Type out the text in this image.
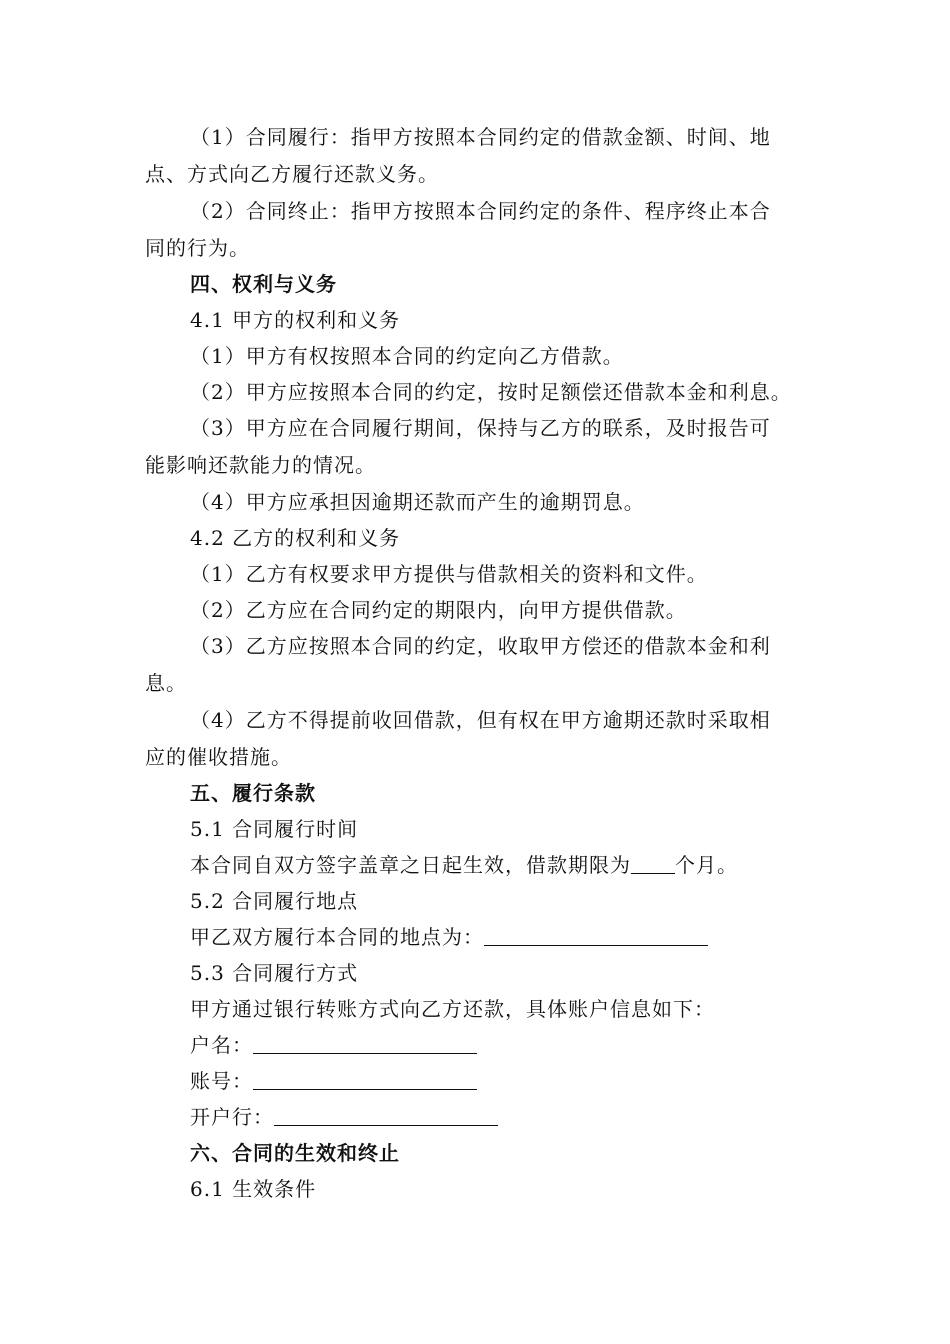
（1）合同履行：指甲方按照本合同约定的借款金额、时间、地
点、方式向乙方履行还款义务。
（2）合同终止：指甲方按照本合同约定的条件、程序终止本合
同的行为。
四、权利与义务
4.1 甲方的权利和义务
（1）甲方有权按照本合同的约定向乙方借款。
（2）甲方应按照本合同的约定，按时足额偿还借款本金和利息。
（3）甲方应在合同履行期间，保持与乙方的联系，及时报告可
能影响还款能力的情况。
（4）甲方应承担因逾期还款而产生的逾期罚息。
4.2 乙方的权利和义务
（1）乙方有权要求甲方提供与借款相关的资料和文件。
（2）乙方应在合同约定的期限内，向甲方提供借款。
（3）乙方应按照本合同的约定，收取甲方偿还的借款本金和利
息。
（4）乙方不得提前收回借款，但有权在甲方逾期还款时采取相
应的催收措施。
五、履行条款
5.1 合同履行时间
本合同自双方签字盖章之日起生效，借款期限为 个月。
5.2 合同履行地点
甲乙双方履行本合同的地点为：
5.3 合同履行方式
甲方通过银行转账方式向乙方还款，具体账户信息如下：
户名：
账号：
开户行：
六、合同的生效和终止
6.1 生效条件
